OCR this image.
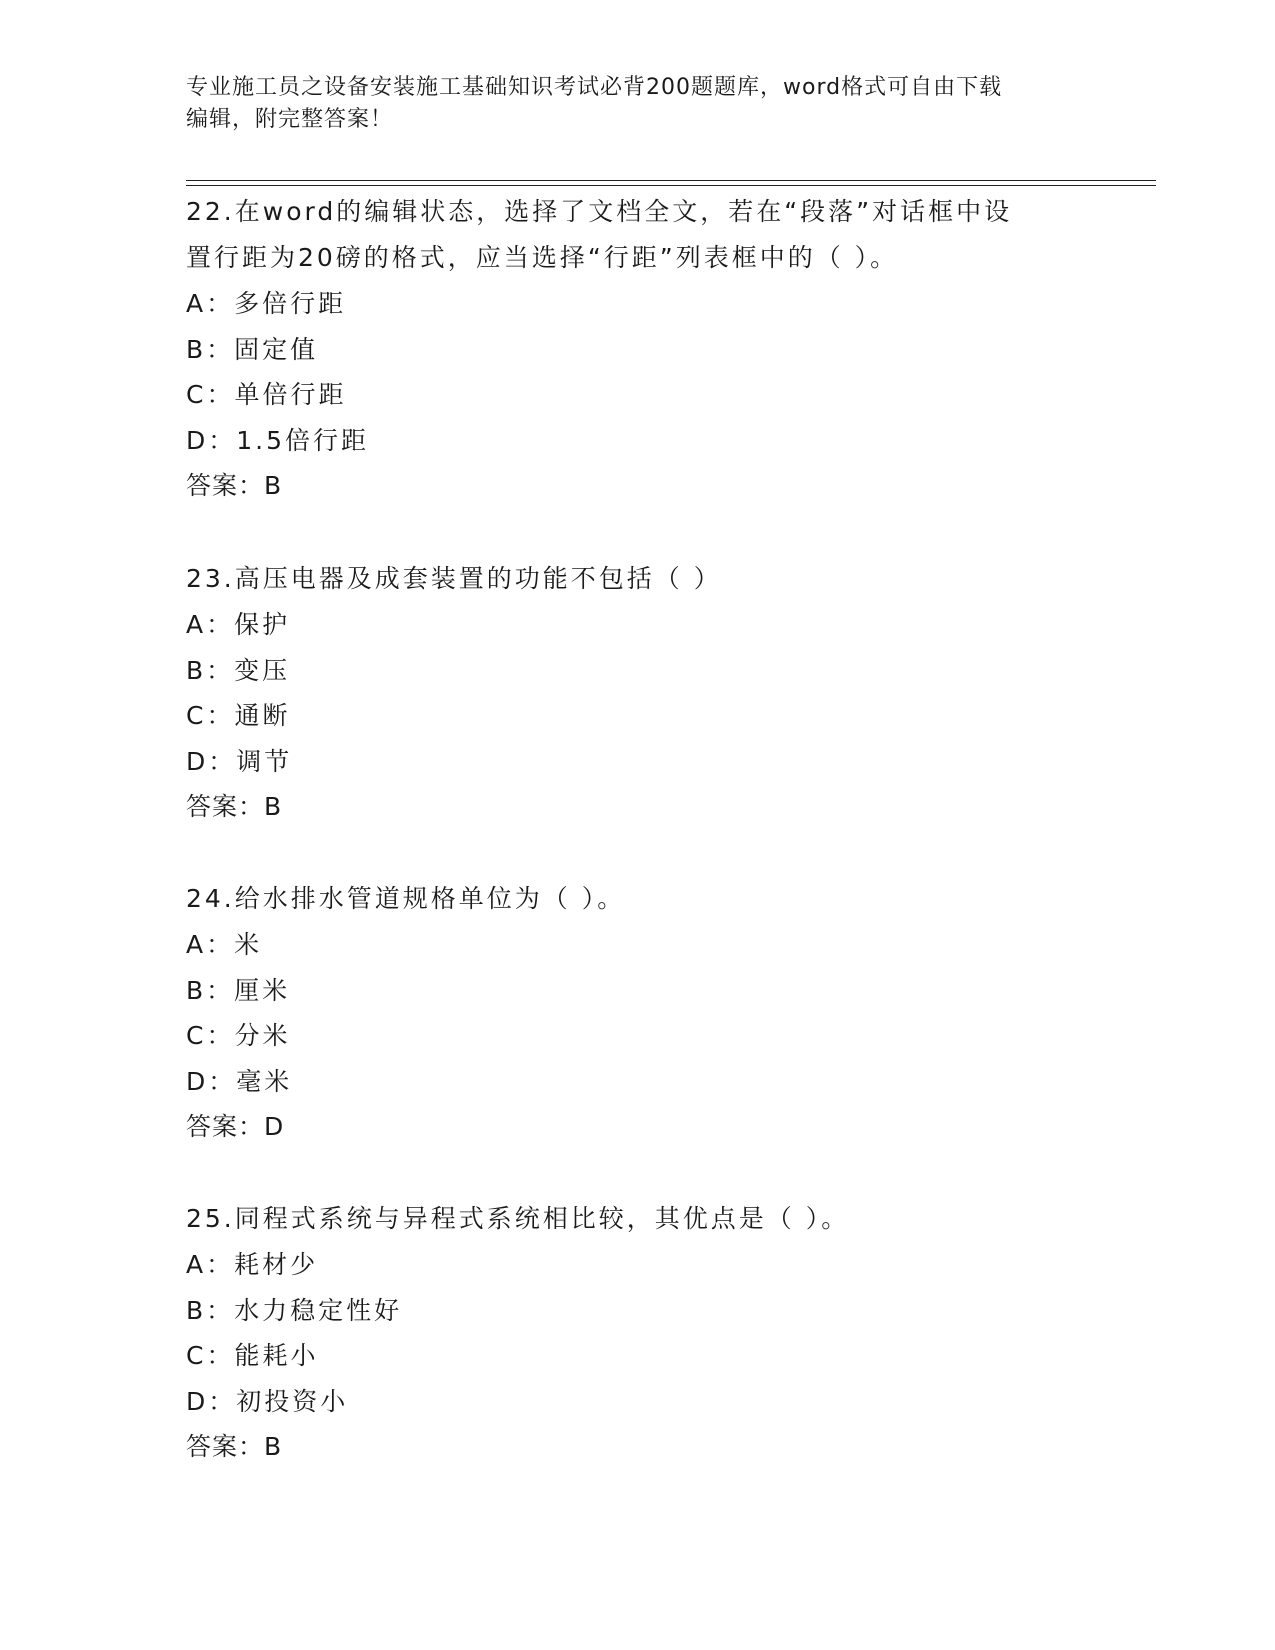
专业施工员之设备安装施工基础知识考试必背200题题库，word格式可自由下载
编辑，附完整答案！

22.在word的编辑状态，选择了文档全文，若在“段落”对话框中设

置行距为20磅的格式，应当选择“行距”列表框中的（ ）。

A：多倍行距

B：固定值

C：单倍行距

D：1.5倍行距

答案：B

23.高压电器及成套装置的功能不包括（ ）

A：保护

B：变压

C：通断

D：调节

答案：B

24.给水排水管道规格单位为（ ）。

A：米

B：厘米

C：分米

D：毫米

答案：D

25.同程式系统与异程式系统相比较，其优点是（ ）。

A：耗材少

B：水力稳定性好

C：能耗小

D：初投资小

答案：B
